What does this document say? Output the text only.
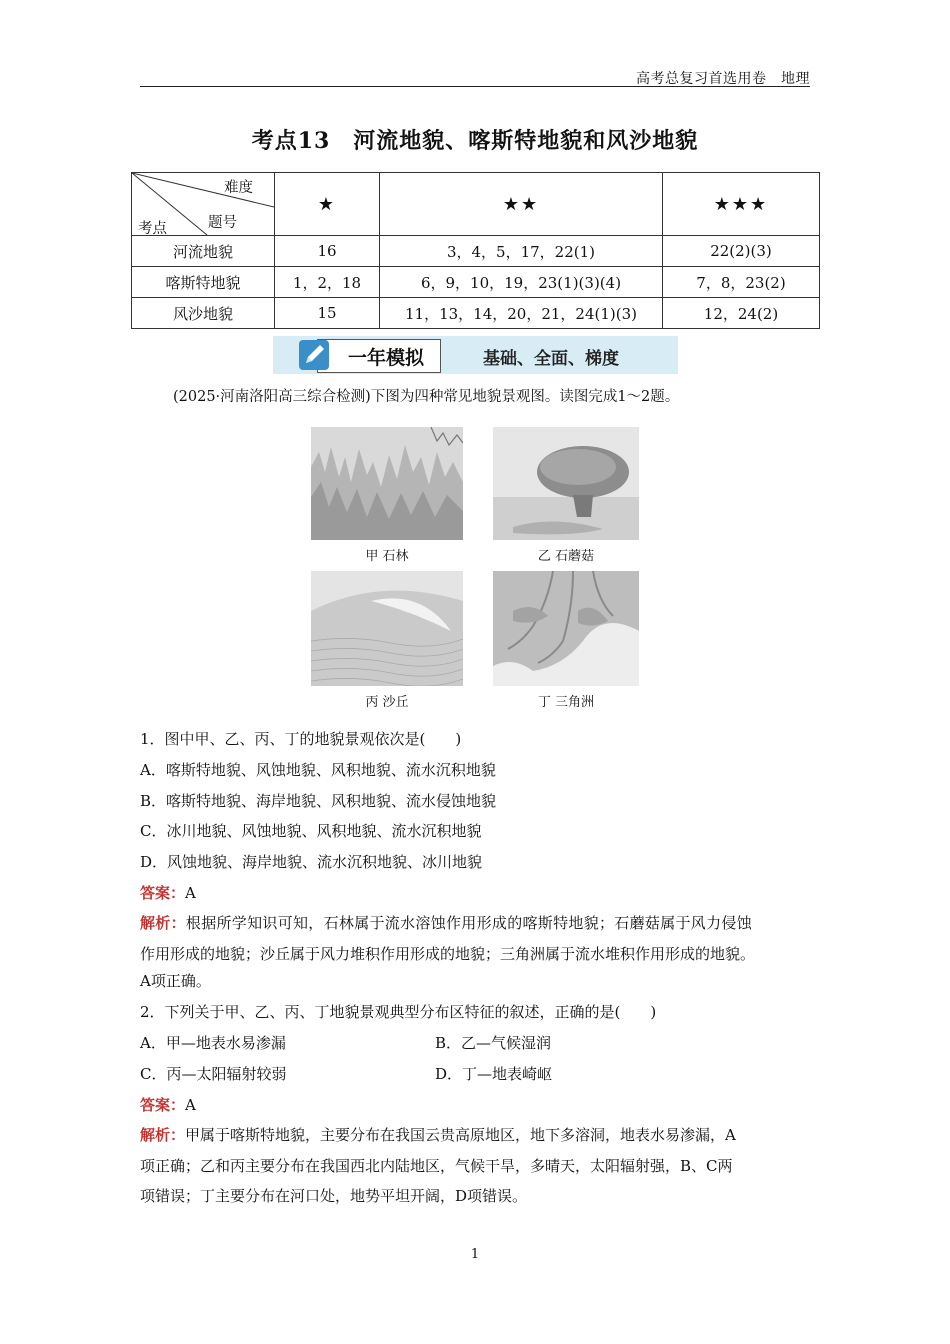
高考总复习首选用卷　地理
考点13　河流地貌、喀斯特地貌和风沙地貌
难度
题号
考点	★	★★	★★★
河流地貌	16	3，4，5，17，22(1)	22(2)(3)
喀斯特地貌	1，2，18	6，9，10，19，23(1)(3)(4)	7，8，23(2)
风沙地貌	15	11，13，14，20，21，24(1)(3)	12，24(2)
一年模拟	基础、全面、梯度
(2025·河南洛阳高三综合检测)下图为四种常见地貌景观图。读图完成1～2题。
甲 石林	乙 石蘑菇
丙 沙丘	丁 三角洲
1．图中甲、乙、丙、丁的地貌景观依次是(　　)
A．喀斯特地貌、风蚀地貌、风积地貌、流水沉积地貌
B．喀斯特地貌、海岸地貌、风积地貌、流水侵蚀地貌
C．冰川地貌、风蚀地貌、风积地貌、流水沉积地貌
D．风蚀地貌、海岸地貌、流水沉积地貌、冰川地貌
答案：A
解析：根据所学知识可知，石林属于流水溶蚀作用形成的喀斯特地貌；石蘑菇属于风力侵蚀
作用形成的地貌；沙丘属于风力堆积作用形成的地貌；三角洲属于流水堆积作用形成的地貌。
A项正确。
2．下列关于甲、乙、丙、丁地貌景观典型分布区特征的叙述，正确的是(　　)
A．甲—地表水易渗漏	B．乙—气候湿润
C．丙—太阳辐射较弱	D．丁—地表崎岖
答案：A
解析：甲属于喀斯特地貌，主要分布在我国云贵高原地区，地下多溶洞，地表水易渗漏，A
项正确；乙和丙主要分布在我国西北内陆地区，气候干旱，多晴天，太阳辐射强，B、C两
项错误；丁主要分布在河口处，地势平坦开阔，D项错误。
1
